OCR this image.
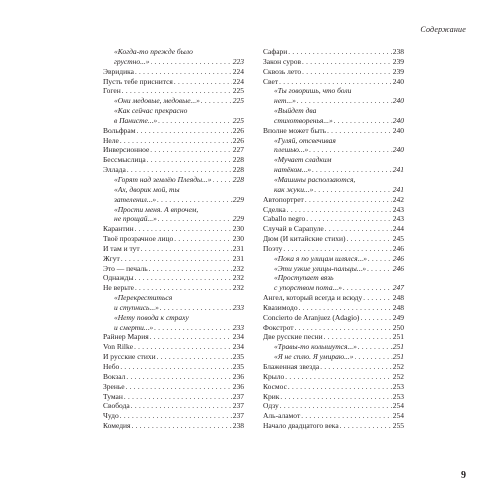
Содержание
«Когда-то прежде было
грустно...» . . .	223
Эвридика . . .	224
Пусть тебе приснится . . .	224
Гоген . . .	225
«Они медовые, медовые...» . . .	225
«Как сейчас прекрасно
в Панисте...» . . .	225
Вольфрам . . .	226
Неле . . .	226
Инверсионное . . .	227
Бессмыслица . . .	228
Эллада . . .	228
«Горят над землёю Плеяды...» . . .	228
«Ах, дворик мой, ты
зателенил...» . . .	229
«Прости меня. А впрочем,
не прощай...» . . .	229
Карантин . . .	230
Твоё прозрачное лицо . . .	230
И там и тут . . .	231
Жгут . . .	231
Это — печаль . . .	232
Однажды . . .	232
Не верьте . . .	232
«Перекреститься
и ступнись...» . . .	233
«Нету повода к страху
и смерти...» . . .	233
Райнер Мария . . .	234
Von Rilke . . .	234
И русские стихи . . .	235
Небо . . .	235
Вокзал . . .	236
Зренье . . .	236
Туман . . .	237
Свобода . . .	237
Чудо . . .	237
Комедия . . .	238
Сафари . . .	238
Закон суров . . .	239
Сквозь лето . . .	239
Свет . . .	240
«Ты говоришь, что боли
нет...» . . .	240
«Выйдет два
стихотворенья...» . . .	240
Вполне может быть . . .	240
«Гуляй, отсвечивая
плешью...» . . .	240
«Мучает сладким
натёком...» . . .	241
«Машины расползаются,
как жуки...» . . .	241
Автопортрет . . .	242
Сделка . . .	243
Caballo negro . . .	243
Случай в Сарапуле . . .	244
Дюм (И китайские стихи) . . .	245
Поэту . . .	246
«Пока я по улицам шлялся...» . . .	246
«Эти узкие улицы-пальцы...» . . .	246
«Проступает вязь
с упорством пота...» . . .	247
Ангел, который всегда и всюду . . .	248
Квазимодо . . .	248
Concierto de Aranjuez (Adagio) . . .	249
Фокстрот . . .	250
Две русские песни . . .	251
«Травы-то колышутся...» . . .	251
«Я не сплю. Я умираю...» . . .	251
Блаженная звезда . . .	252
Крыло . . .	252
Космос . . .	253
Крик . . .	253
Одзу . . .	254
Аль-аламот . . .	254
Начало двадцатого века . . .	255
9
